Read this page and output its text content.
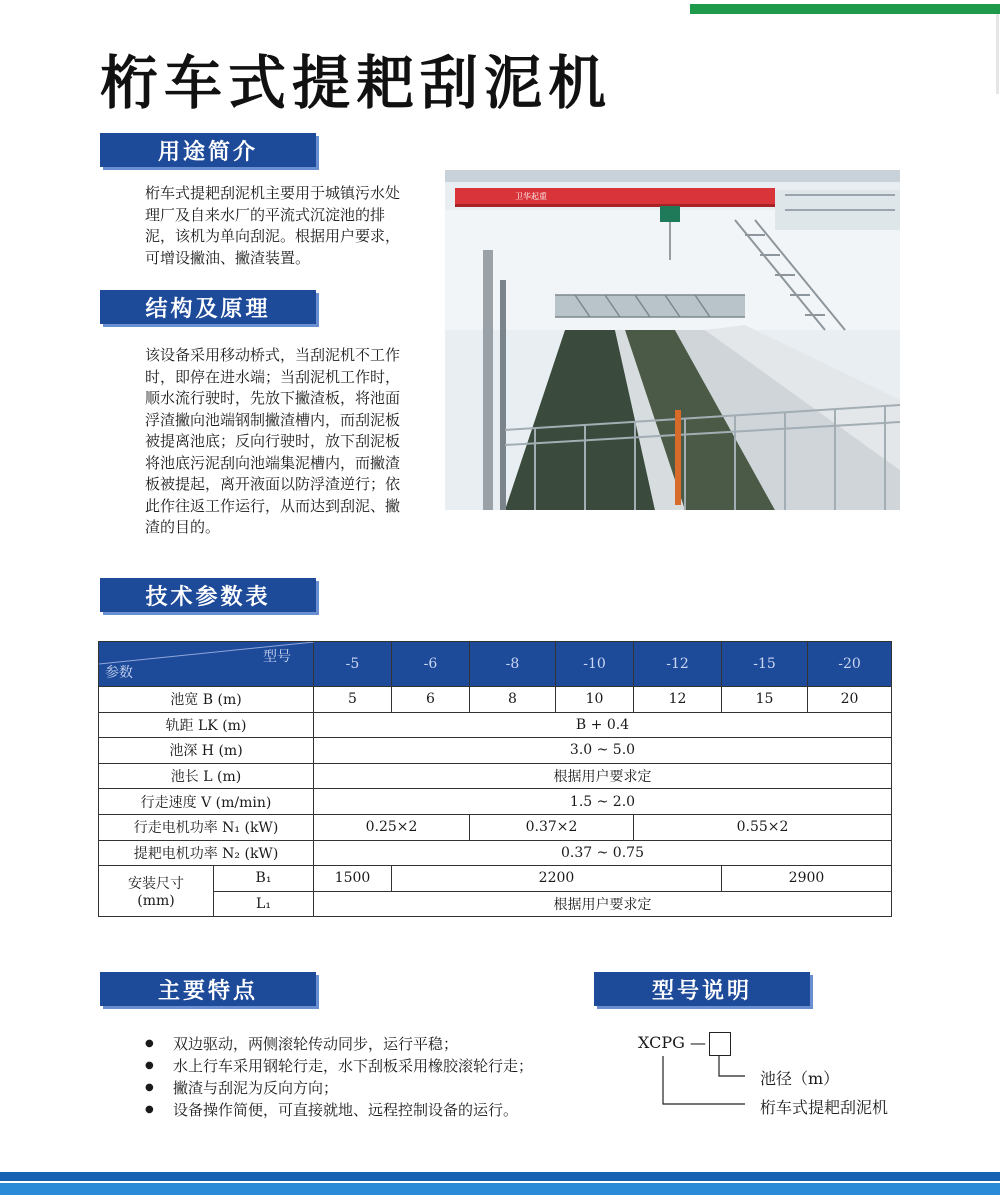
桁车式提耙刮泥机
用途简介
桁车式提耙刮泥机主要用于城镇污水处
理厂及自来水厂的平流式沉淀池的排
泥，该机为单向刮泥。根据用户要求，
可增设撇油、撇渣装置。
结构及原理
该设备采用移动桥式，当刮泥机不工作
时，即停在进水端；当刮泥机工作时，
顺水流行驶时，先放下撇渣板，将池面
浮渣撇向池端钢制撇渣槽内，而刮泥板
被提离池底；反向行驶时，放下刮泥板
将池底污泥刮向池端集泥槽内，而撇渣
板被提起，离开液面以防浮渣逆行；依
此作往返工作运行，从而达到刮泥、撇
渣的目的。
卫华起重
技术参数表
型号
参数		-5	-6	-8	-10	-12	-15	-20
池宽 B (m)		5	6	8	10	12	15	20
轨距 LK (m)		B + 0.4						
池深 H (m)		3.0 ~ 5.0						
池长 L (m)		根据用户要求定						
行走速度 V (m/min)		1.5 ~ 2.0						
行走电机功率 N₁ (kW)		0.25×2		0.37×2		0.55×2		
提耙电机功率 N₂ (kW)		0.37 ~ 0.75						

安装尺寸
(mm)	B₁	1500	2200				2900	
	L₁	根据用户要求定						
主要特点
● 双边驱动，两侧滚轮传动同步，运行平稳；
● 水上行车采用钢轮行走，水下刮板采用橡胶滚轮行走；
● 撇渣与刮泥为反向方向；
● 设备操作简便，可直接就地、远程控制设备的运行。
型号说明
XCPG —
池径（m）
桁车式提耙刮泥机
